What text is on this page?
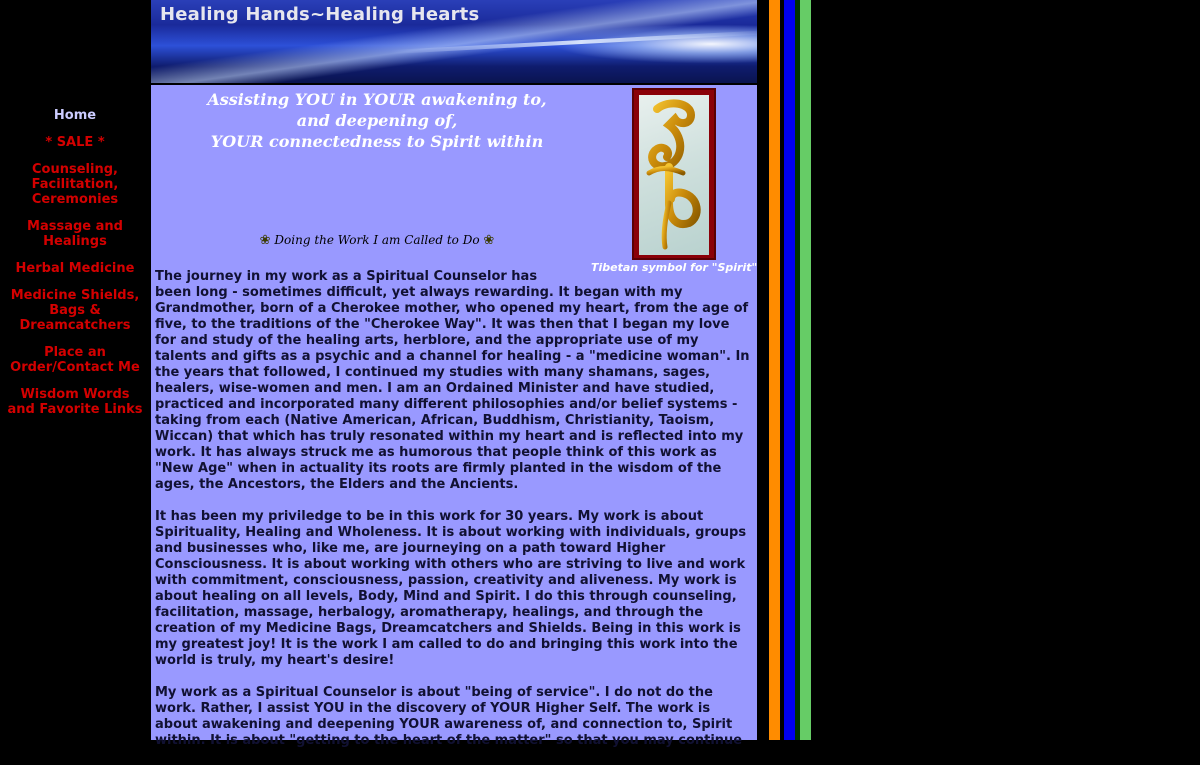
Healing Hands~Healing Hearts
Home
* SALE *
Counseling, Facilitation, Ceremonies
Massage and Healings
Herbal Medicine
Medicine Shields, Bags & Dreamcatchers
Place an Order/Contact Me
Wisdom Words and Favorite Links
Assisting YOU in YOUR awakening to,
and deepening of,
YOUR connectedness to Spirit within
❀ Doing the Work I am Called to Do ❀
Tibetan symbol for "Spirit"

The journey in my work as a Spiritual Counselor has been long - sometimes difficult, yet always rewarding. It began with my Grandmother, born of a Cherokee mother, who opened my heart, from the age of five, to the traditions of the "Cherokee Way". It was then that I began my love for and study of the healing arts, herblore, and the appropriate use of my talents and gifts as a psychic and a channel for healing - a "medicine woman". In the years that followed, I continued my studies with many shamans, sages, healers, wise-women and men. I am an Ordained Minister and have studied, practiced and incorporated many different philosophies and/or belief systems - taking from each (Native American, African, Buddhism, Christianity, Taoism, Wiccan) that which has truly resonated within my heart and is reflected into my work. It has always struck me as humorous that people think of this work as "New Age" when in actuality its roots are firmly planted in the wisdom of the ages, the Ancestors, the Elders and the Ancients.

It has been my priviledge to be in this work for 30 years. My work is about Spirituality, Healing and Wholeness. It is about working with individuals, groups and businesses who, like me, are journeying on a path toward Higher Consciousness. It is about working with others who are striving to live and work with commitment, consciousness, passion, creativity and aliveness. My work is about healing on all levels, Body, Mind and Spirit. I do this through counseling, facilitation, massage, herbalogy, aromatherapy, healings, and through the creation of my Medicine Bags, Dreamcatchers and Shields. Being in this work is my greatest joy! It is the work I am called to do and bringing this work into the world is truly, my heart's desire!

My work as a Spiritual Counselor is about "being of service". I do not do the work. Rather, I assist YOU in the discovery of YOUR Higher Self. The work is about awakening and deepening YOUR awareness of, and connection to, Spirit within. It is about "getting to the heart of the matter" so that you may continue
